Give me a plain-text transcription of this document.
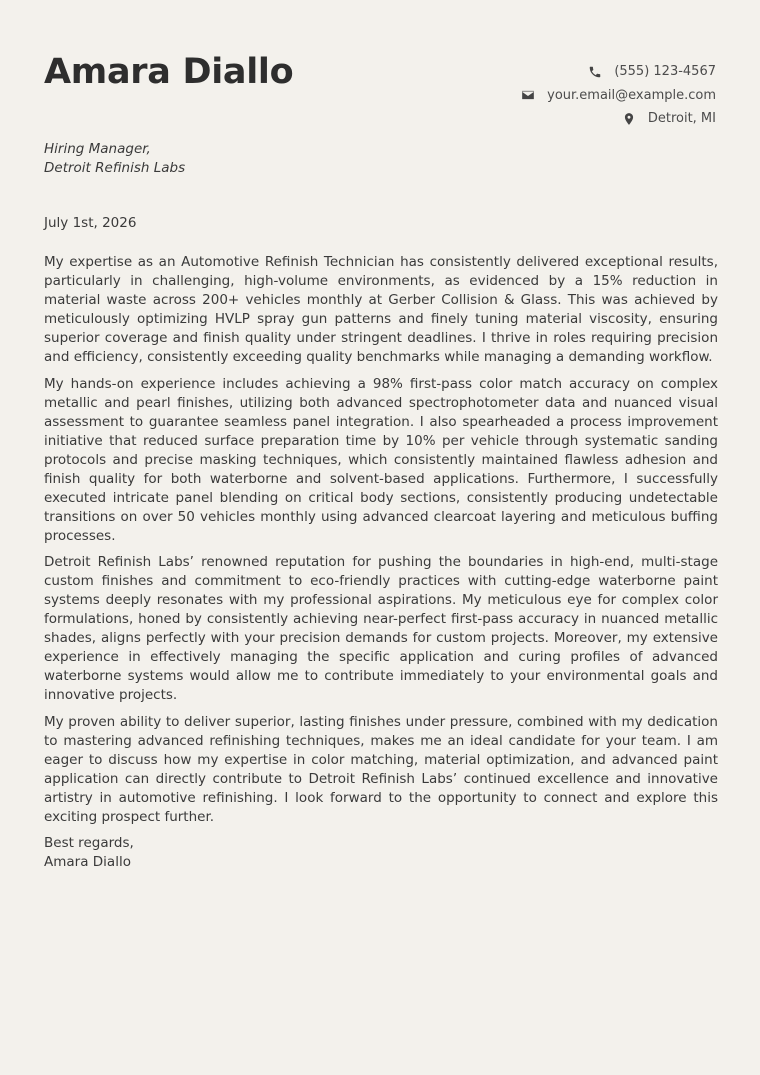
Amara Diallo	(555) 123-4567
your.email@example.com
Detroit, MI
Hiring Manager,
Detroit Refinish Labs
July 1st, 2026

My expertise as an Automotive Refinish Technician has consistently delivered exceptional results, particularly in challenging, high-volume environments, as evidenced by a 15% reduction in material waste across 200+ vehicles monthly at Gerber Collision & Glass. This was achieved by meticulously optimizing HVLP spray gun patterns and finely tuning material viscosity, ensuring superior coverage and finish quality under stringent deadlines. I thrive in roles requiring precision and efficiency, consistently exceeding quality benchmarks while managing a demanding workflow.

My hands-on experience includes achieving a 98% first-pass color match accuracy on complex metallic and pearl finishes, utilizing both advanced spectrophotometer data and nuanced visual assessment to guarantee seamless panel integration. I also spearheaded a process improvement initiative that reduced surface preparation time by 10% per vehicle through systematic sanding protocols and precise masking techniques, which consistently maintained flawless adhesion and finish quality for both waterborne and solvent-based applications. Furthermore, I successfully executed intricate panel blending on critical body sections, consistently producing undetectable transitions on over 50 vehicles monthly using advanced clearcoat layering and meticulous buffing processes.

Detroit Refinish Labs’ renowned reputation for pushing the boundaries in high-end, multi-stage custom finishes and commitment to eco-friendly practices with cutting-edge waterborne paint systems deeply resonates with my professional aspirations. My meticulous eye for complex color formulations, honed by consistently achieving near-perfect first-pass accuracy in nuanced metallic shades, aligns perfectly with your precision demands for custom projects. Moreover, my extensive experience in effectively managing the specific application and curing profiles of advanced waterborne systems would allow me to contribute immediately to your environmental goals and innovative projects.

My proven ability to deliver superior, lasting finishes under pressure, combined with my dedication to mastering advanced refinishing techniques, makes me an ideal candidate for your team. I am eager to discuss how my expertise in color matching, material optimization, and advanced paint application can directly contribute to Detroit Refinish Labs’ continued excellence and innovative artistry in automotive refinishing. I look forward to the opportunity to connect and explore this exciting prospect further.

Best regards,
Amara Diallo
